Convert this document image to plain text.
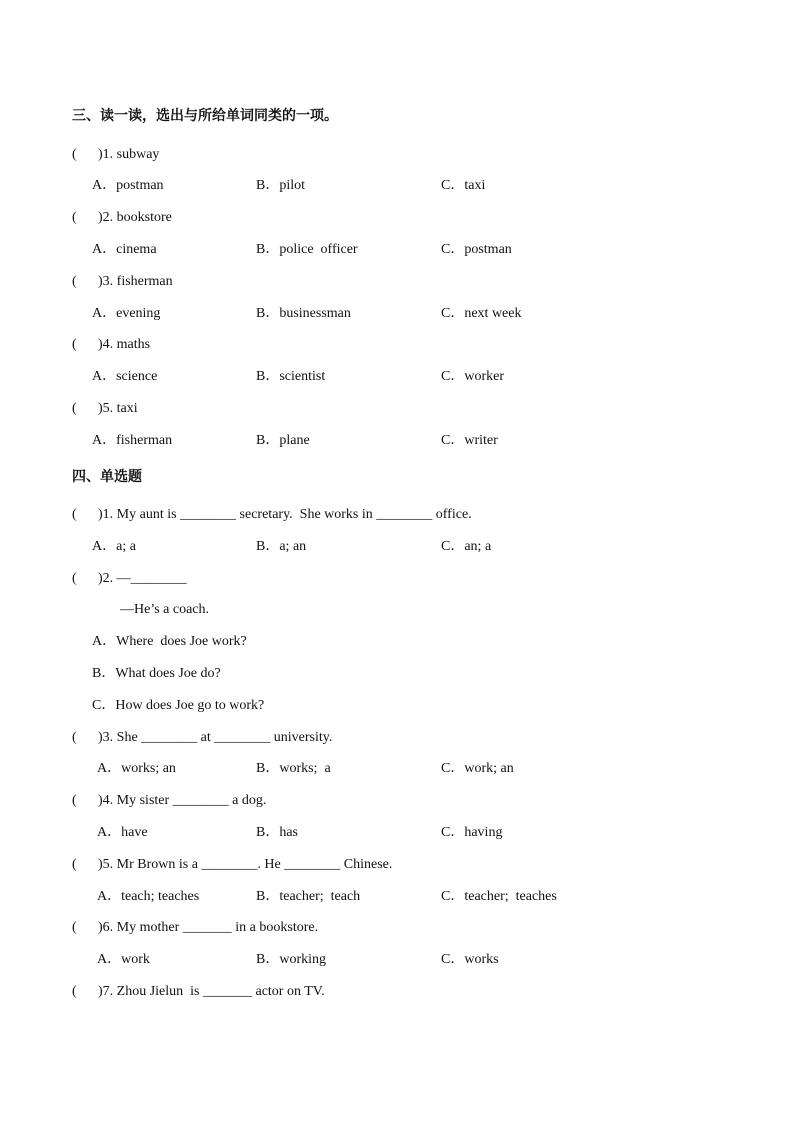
三、读一读，选出与所给单词同类的一项。
( )1. subway
A．postman	B．pilot	C．taxi
( )2. bookstore
A．cinema	B．police  officer	C．postman
( )3. fisherman
A．evening	B．businessman	C．next week
( )4. maths
A．science	B．scientist	C．worker
( )5. taxi
A．fisherman	B．plane	C．writer
四、单选题
( )1. My aunt is ________ secretary.  She works in ________ office.
A．a; a	B．a; an	C．an; a
( )2. —________
—He’s a coach.
A．Where  does Joe work?
B．What does Joe do?
C．How does Joe go to work?
( )3. She ________ at ________ university.
A．works; an	B．works;  a	C．work; an
( )4. My sister ________ a dog.
A．have	B．has	C．having
( )5. Mr Brown is a ________. He ________ Chinese.
A．teach; teaches	B．teacher;  teach	C．teacher;  teaches
( )6. My mother _______ in a bookstore.
A．work	B．working	C．works
( )7. Zhou Jielun  is _______ actor on TV.
